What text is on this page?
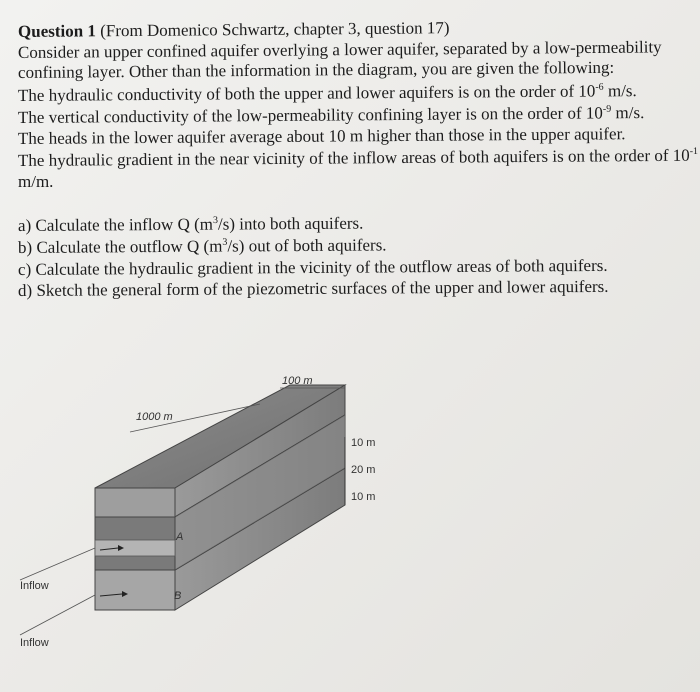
Question 1 (From Domenico Schwartz, chapter 3, question 17)
Consider an upper confined aquifer overlying a lower aquifer, separated by a low-permeability
confining layer. Other than the information in the diagram, you are given the following:
The hydraulic conductivity of both the upper and lower aquifers is on the order of $10^{-6}$ m/s.
The vertical conductivity of the low-permeability confining layer is on the order of $10^{-9}$ m/s.
The heads in the lower aquifer average about 10 m higher than those in the upper aquifer.
The hydraulic gradient in the near vicinity of the inflow areas of both aquifers is on the order of $10^{-1}$
m/m.
a) Calculate the inflow Q $(m^3/s)$ into both aquifers.
b) Calculate the outflow Q $(m^3/s)$ out of both aquifers.
c) Calculate the hydraulic gradient in the vicinity of the outflow areas of both aquifers.
d) Sketch the general form of the piezometric surfaces of the upper and lower aquifers.
100 m
1000 m
10 m
20 m
10 m
A
B
Inflow
Inflow
